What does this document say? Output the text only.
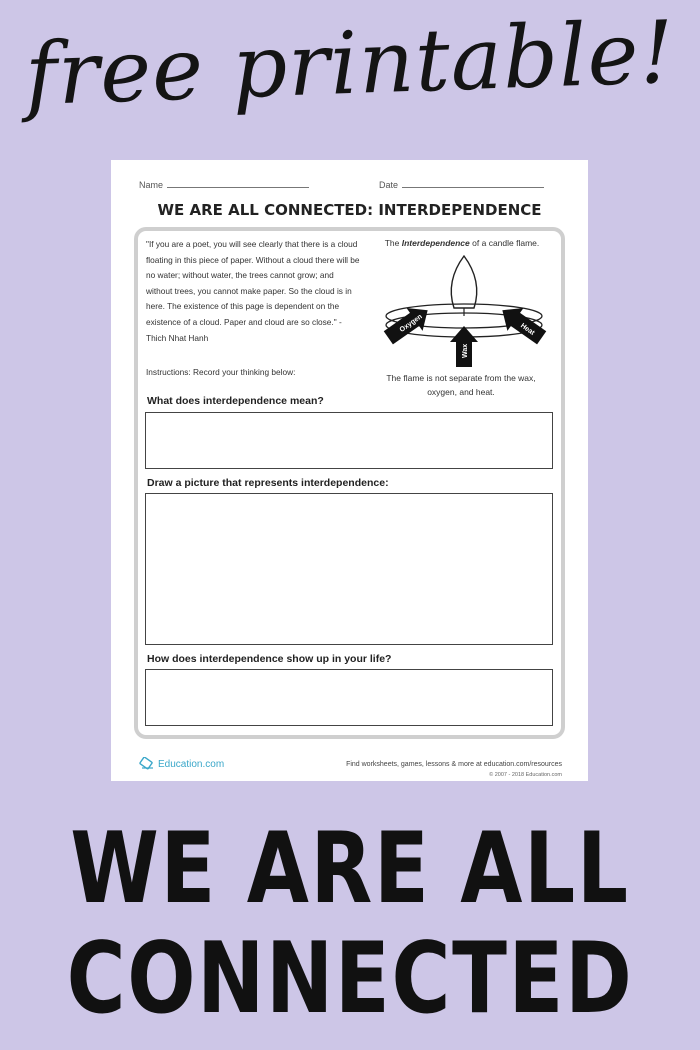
free printable!
Name	Date
WE ARE ALL CONNECTED: INTERDEPENDENCE
"If you are a poet, you will see clearly that there is a cloud floating in this piece of paper. Without a cloud there will be no water; without water, the trees cannot grow; and without trees, you cannot make paper. So the cloud is in here. The existence of this page is dependent on the existence of a cloud. Paper and cloud are so close." - Thich Nhat Hanh
The Interdependence of a candle flame.
Oxygen
Wax
Heat
The flame is not separate from the wax, oxygen, and heat.
Instructions: Record your thinking below:
What does interdependence mean?
Draw a picture that represents interdependence:
How does interdependence show up in your life?
Education.com	Find worksheets, games, lessons & more at education.com/resources
© 2007 - 2018 Education.com
WE ARE ALL
CONNECTED
